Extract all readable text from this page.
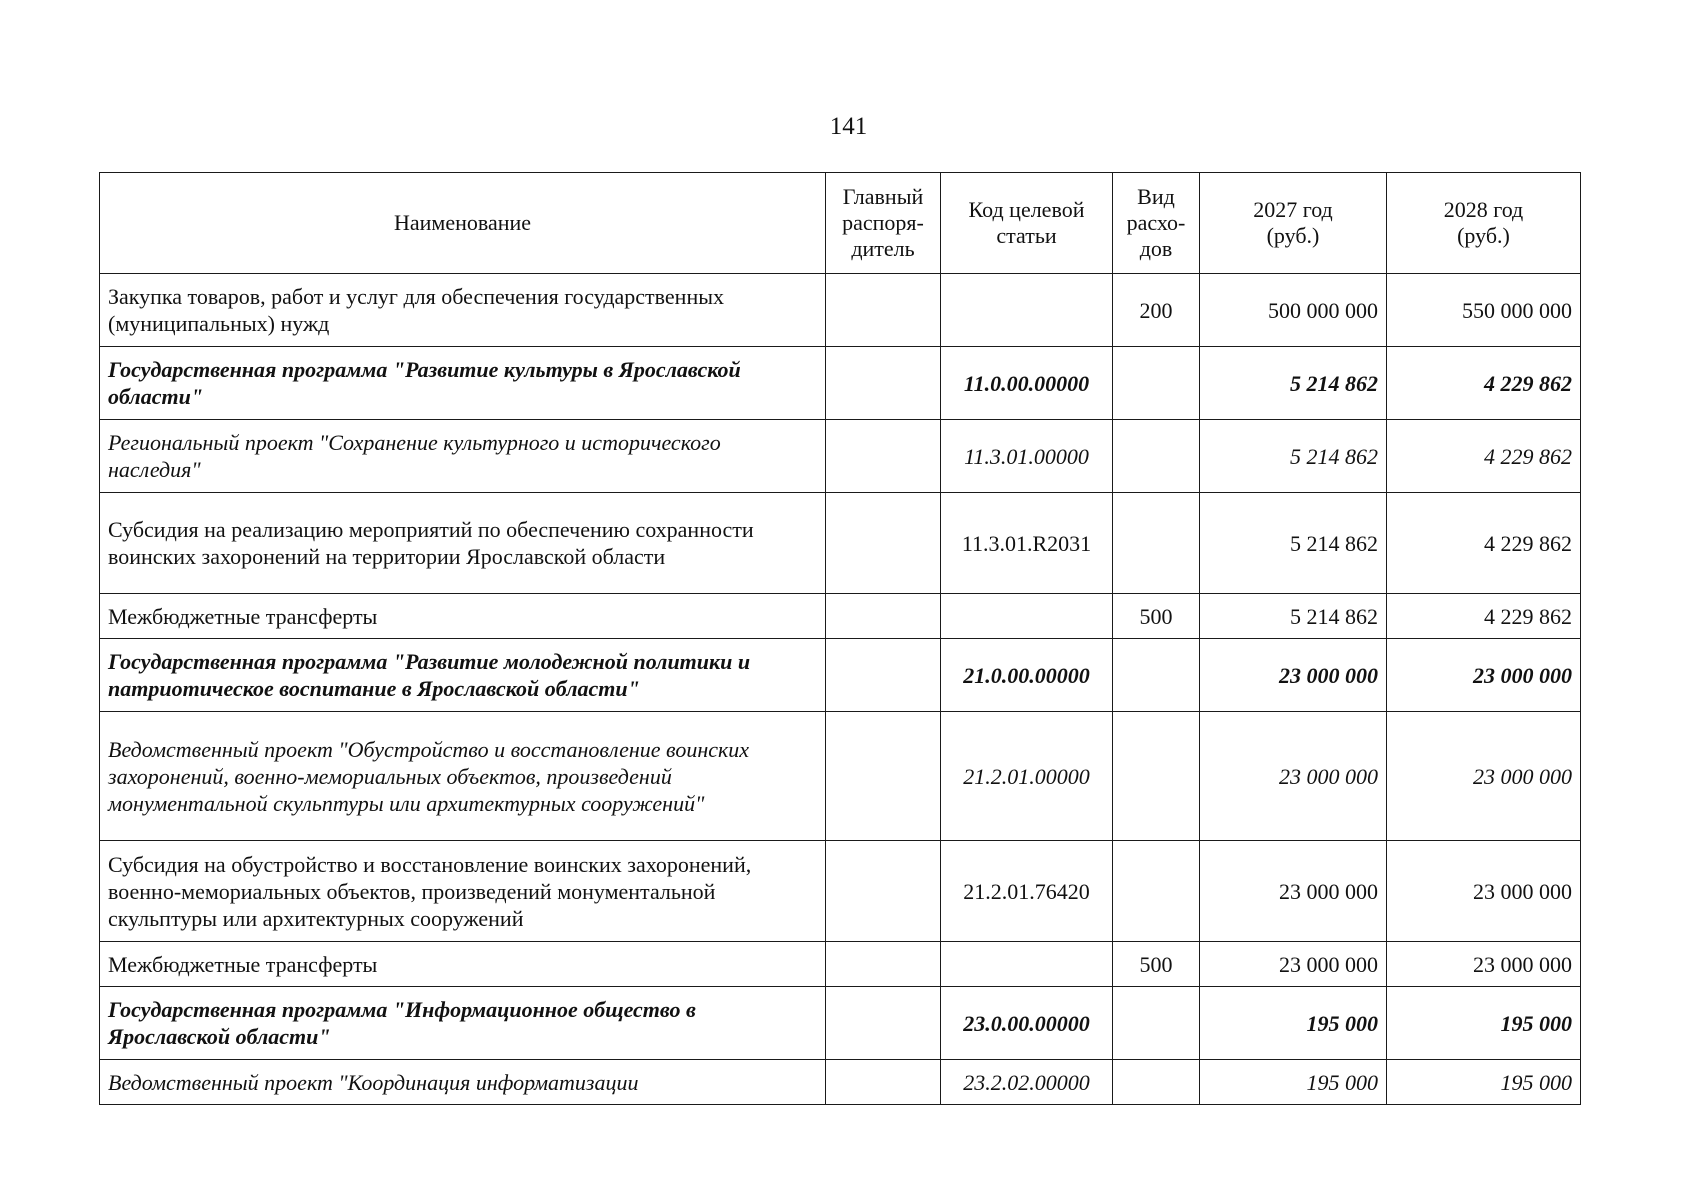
141
Наименование	Главный
распоря-
дитель	Код целевой
статьи	Вид
расхо-
дов	2027 год
(руб.)	2028 год
(руб.)

Закупка товаров, работ и услуг для обеспечения государственных (муниципальных) нужд			200	500 000 000	550 000 000
Государственная программа "Развитие культуры в Ярославской области"		11.0.00.00000		5 214 862	4 229 862
Региональный проект "Сохранение культурного и исторического наследия"		11.3.01.00000		5 214 862	4 229 862
Субсидия на реализацию мероприятий по обеспечению сохранности воинских захоронений на территории Ярославской области		11.3.01.R2031		5 214 862	4 229 862
Межбюджетные трансферты			500	5 214 862	4 229 862
Государственная программа "Развитие молодежной политики и патриотическое воспитание в Ярославской области"		21.0.00.00000		23 000 000	23 000 000
Ведомственный проект "Обустройство и восстановление воинских захоронений, военно-мемориальных объектов, произведений монументальной скульптуры или архитектурных сооружений"		21.2.01.00000		23 000 000	23 000 000
Субсидия на обустройство и восстановление воинских захоронений, военно-мемориальных объектов, произведений монументальной скульптуры или архитектурных сооружений		21.2.01.76420		23 000 000	23 000 000
Межбюджетные трансферты			500	23 000 000	23 000 000
Государственная программа "Информационное общество в Ярославской области"		23.0.00.00000		195 000	195 000
Ведомственный проект "Координация информатизации		23.2.02.00000		195 000	195 000
